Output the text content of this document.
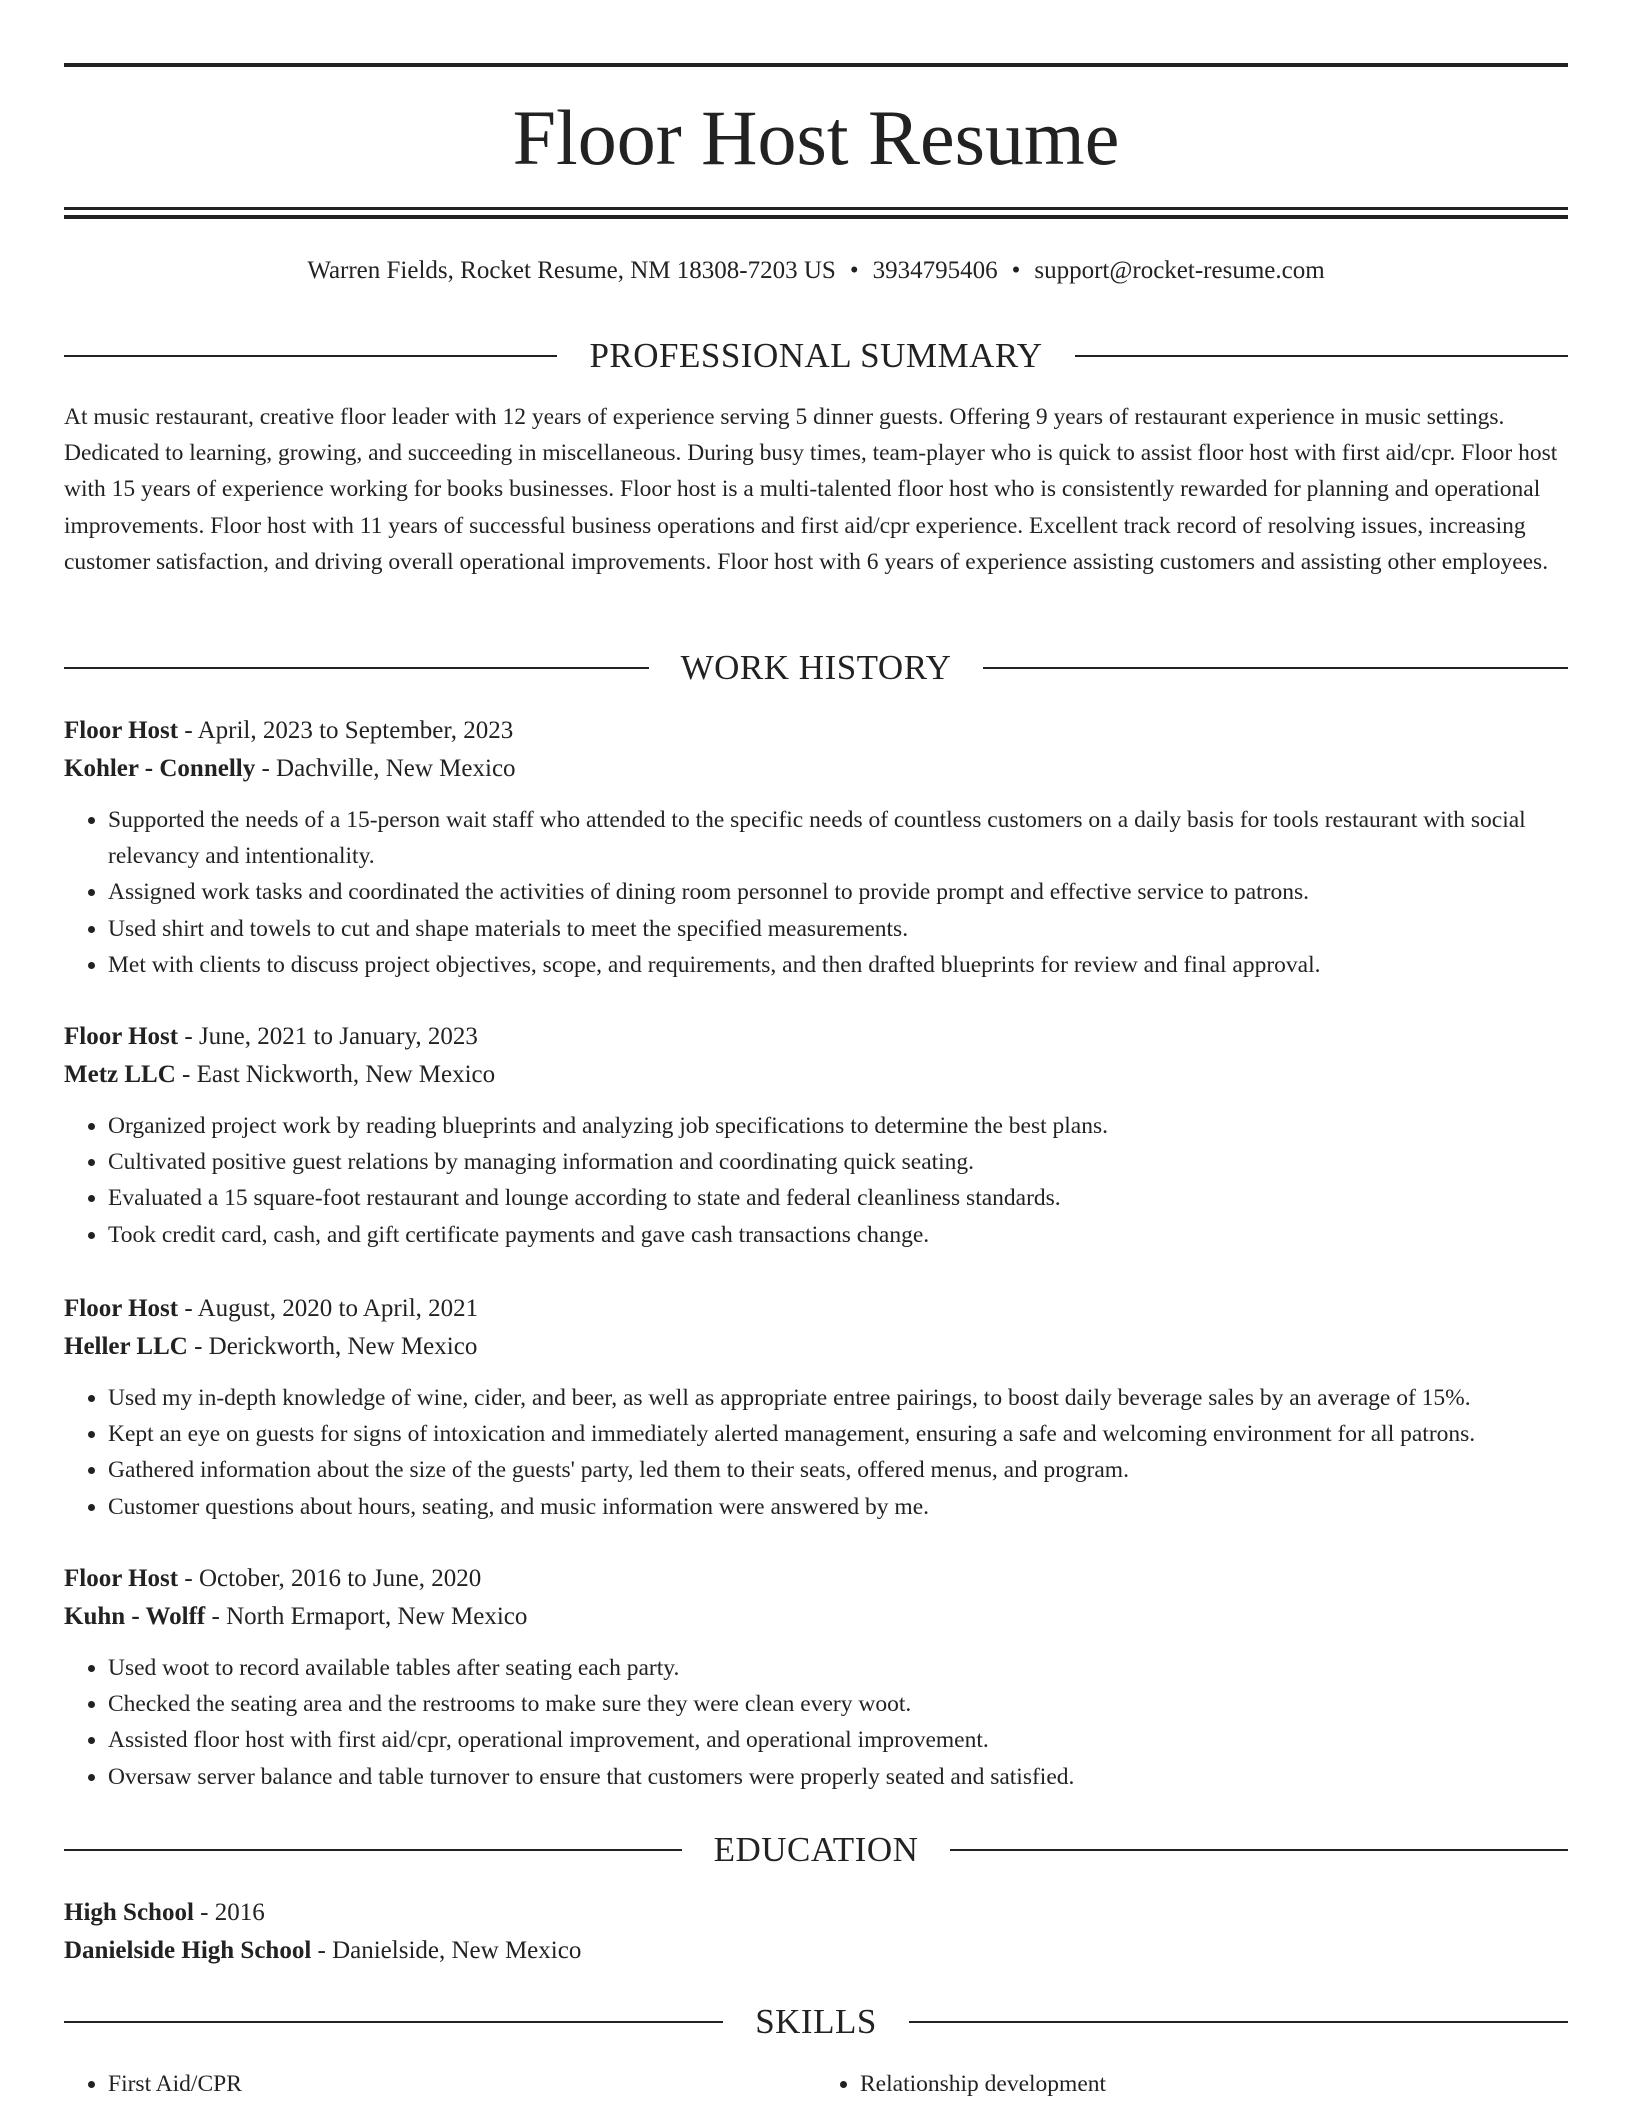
Floor Host Resume
Warren Fields, Rocket Resume, NM 18308-7203 US • 3934795406 • support@rocket-resume.com
PROFESSIONAL SUMMARY

At music restaurant, creative floor leader with 12 years of experience serving 5 dinner guests. Offering 9 years of restaurant experience in music settings. Dedicated to learning, growing, and succeeding in miscellaneous. During busy times, team-player who is quick to assist floor host with first aid/cpr. Floor host with 15 years of experience working for books businesses. Floor host is a multi-talented floor host who is consistently rewarded for planning and operational improvements. Floor host with 11 years of successful business operations and first aid/cpr experience. Excellent track record of resolving issues, increasing customer satisfaction, and driving overall operational improvements. Floor host with 6 years of experience assisting customers and assisting other employees.

WORK HISTORY
Floor Host - April, 2023 to September, 2023
Kohler - Connelly - Dachville, New Mexico
• Supported the needs of a 15-person wait staff who attended to the specific needs of countless customers on a daily basis for tools restaurant with social relevancy and intentionality.
• Assigned work tasks and coordinated the activities of dining room personnel to provide prompt and effective service to patrons.
• Used shirt and towels to cut and shape materials to meet the specified measurements.
• Met with clients to discuss project objectives, scope, and requirements, and then drafted blueprints for review and final approval.
Floor Host - June, 2021 to January, 2023
Metz LLC - East Nickworth, New Mexico
• Organized project work by reading blueprints and analyzing job specifications to determine the best plans.
• Cultivated positive guest relations by managing information and coordinating quick seating.
• Evaluated a 15 square-foot restaurant and lounge according to state and federal cleanliness standards.
• Took credit card, cash, and gift certificate payments and gave cash transactions change.
Floor Host - August, 2020 to April, 2021
Heller LLC - Derickworth, New Mexico
• Used my in-depth knowledge of wine, cider, and beer, as well as appropriate entree pairings, to boost daily beverage sales by an average of 15%.
• Kept an eye on guests for signs of intoxication and immediately alerted management, ensuring a safe and welcoming environment for all patrons.
• Gathered information about the size of the guests' party, led them to their seats, offered menus, and program.
• Customer questions about hours, seating, and music information were answered by me.
Floor Host - October, 2016 to June, 2020
Kuhn - Wolff - North Ermaport, New Mexico
• Used woot to record available tables after seating each party.
• Checked the seating area and the restrooms to make sure they were clean every woot.
• Assisted floor host with first aid/cpr, operational improvement, and operational improvement.
• Oversaw server balance and table turnover to ensure that customers were properly seated and satisfied.
EDUCATION
High School - 2016
Danielside High School - Danielside, New Mexico
SKILLS
• First Aid/CPR
•	Relationship development
